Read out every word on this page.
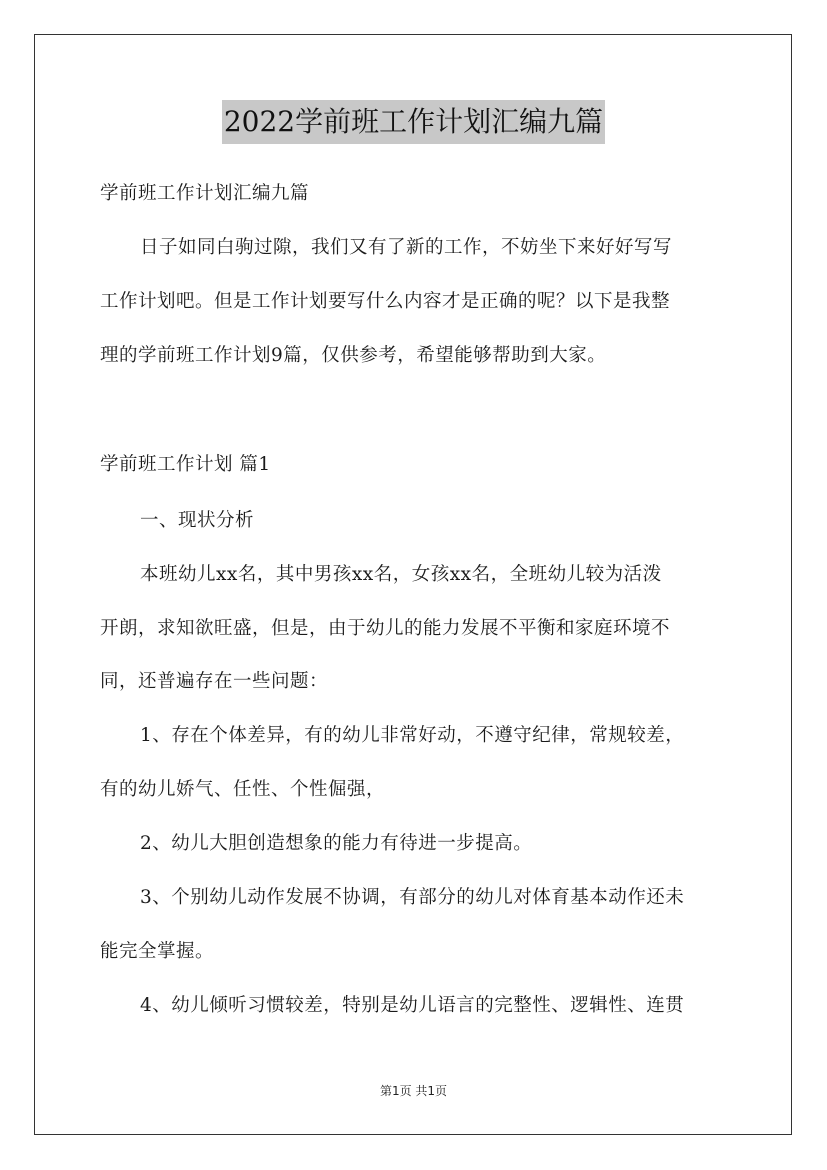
2022学前班工作计划汇编九篇
学前班工作计划汇编九篇
日子如同白驹过隙，我们又有了新的工作，不妨坐下来好好写写
工作计划吧。但是工作计划要写什么内容才是正确的呢？以下是我整
理的学前班工作计划9篇，仅供参考，希望能够帮助到大家。
学前班工作计划 篇1
一、现状分析
本班幼儿xx名，其中男孩xx名，女孩xx名，全班幼儿较为活泼
开朗，求知欲旺盛，但是，由于幼儿的能力发展不平衡和家庭环境不
同，还普遍存在一些问题：
1、存在个体差异，有的幼儿非常好动，不遵守纪律，常规较差，
有的幼儿娇气、任性、个性倔强，
2、幼儿大胆创造想象的能力有待进一步提高。
3、个别幼儿动作发展不协调，有部分的幼儿对体育基本动作还未
能完全掌握。
4、幼儿倾听习惯较差，特别是幼儿语言的完整性、逻辑性、连贯
第1页 共1页
